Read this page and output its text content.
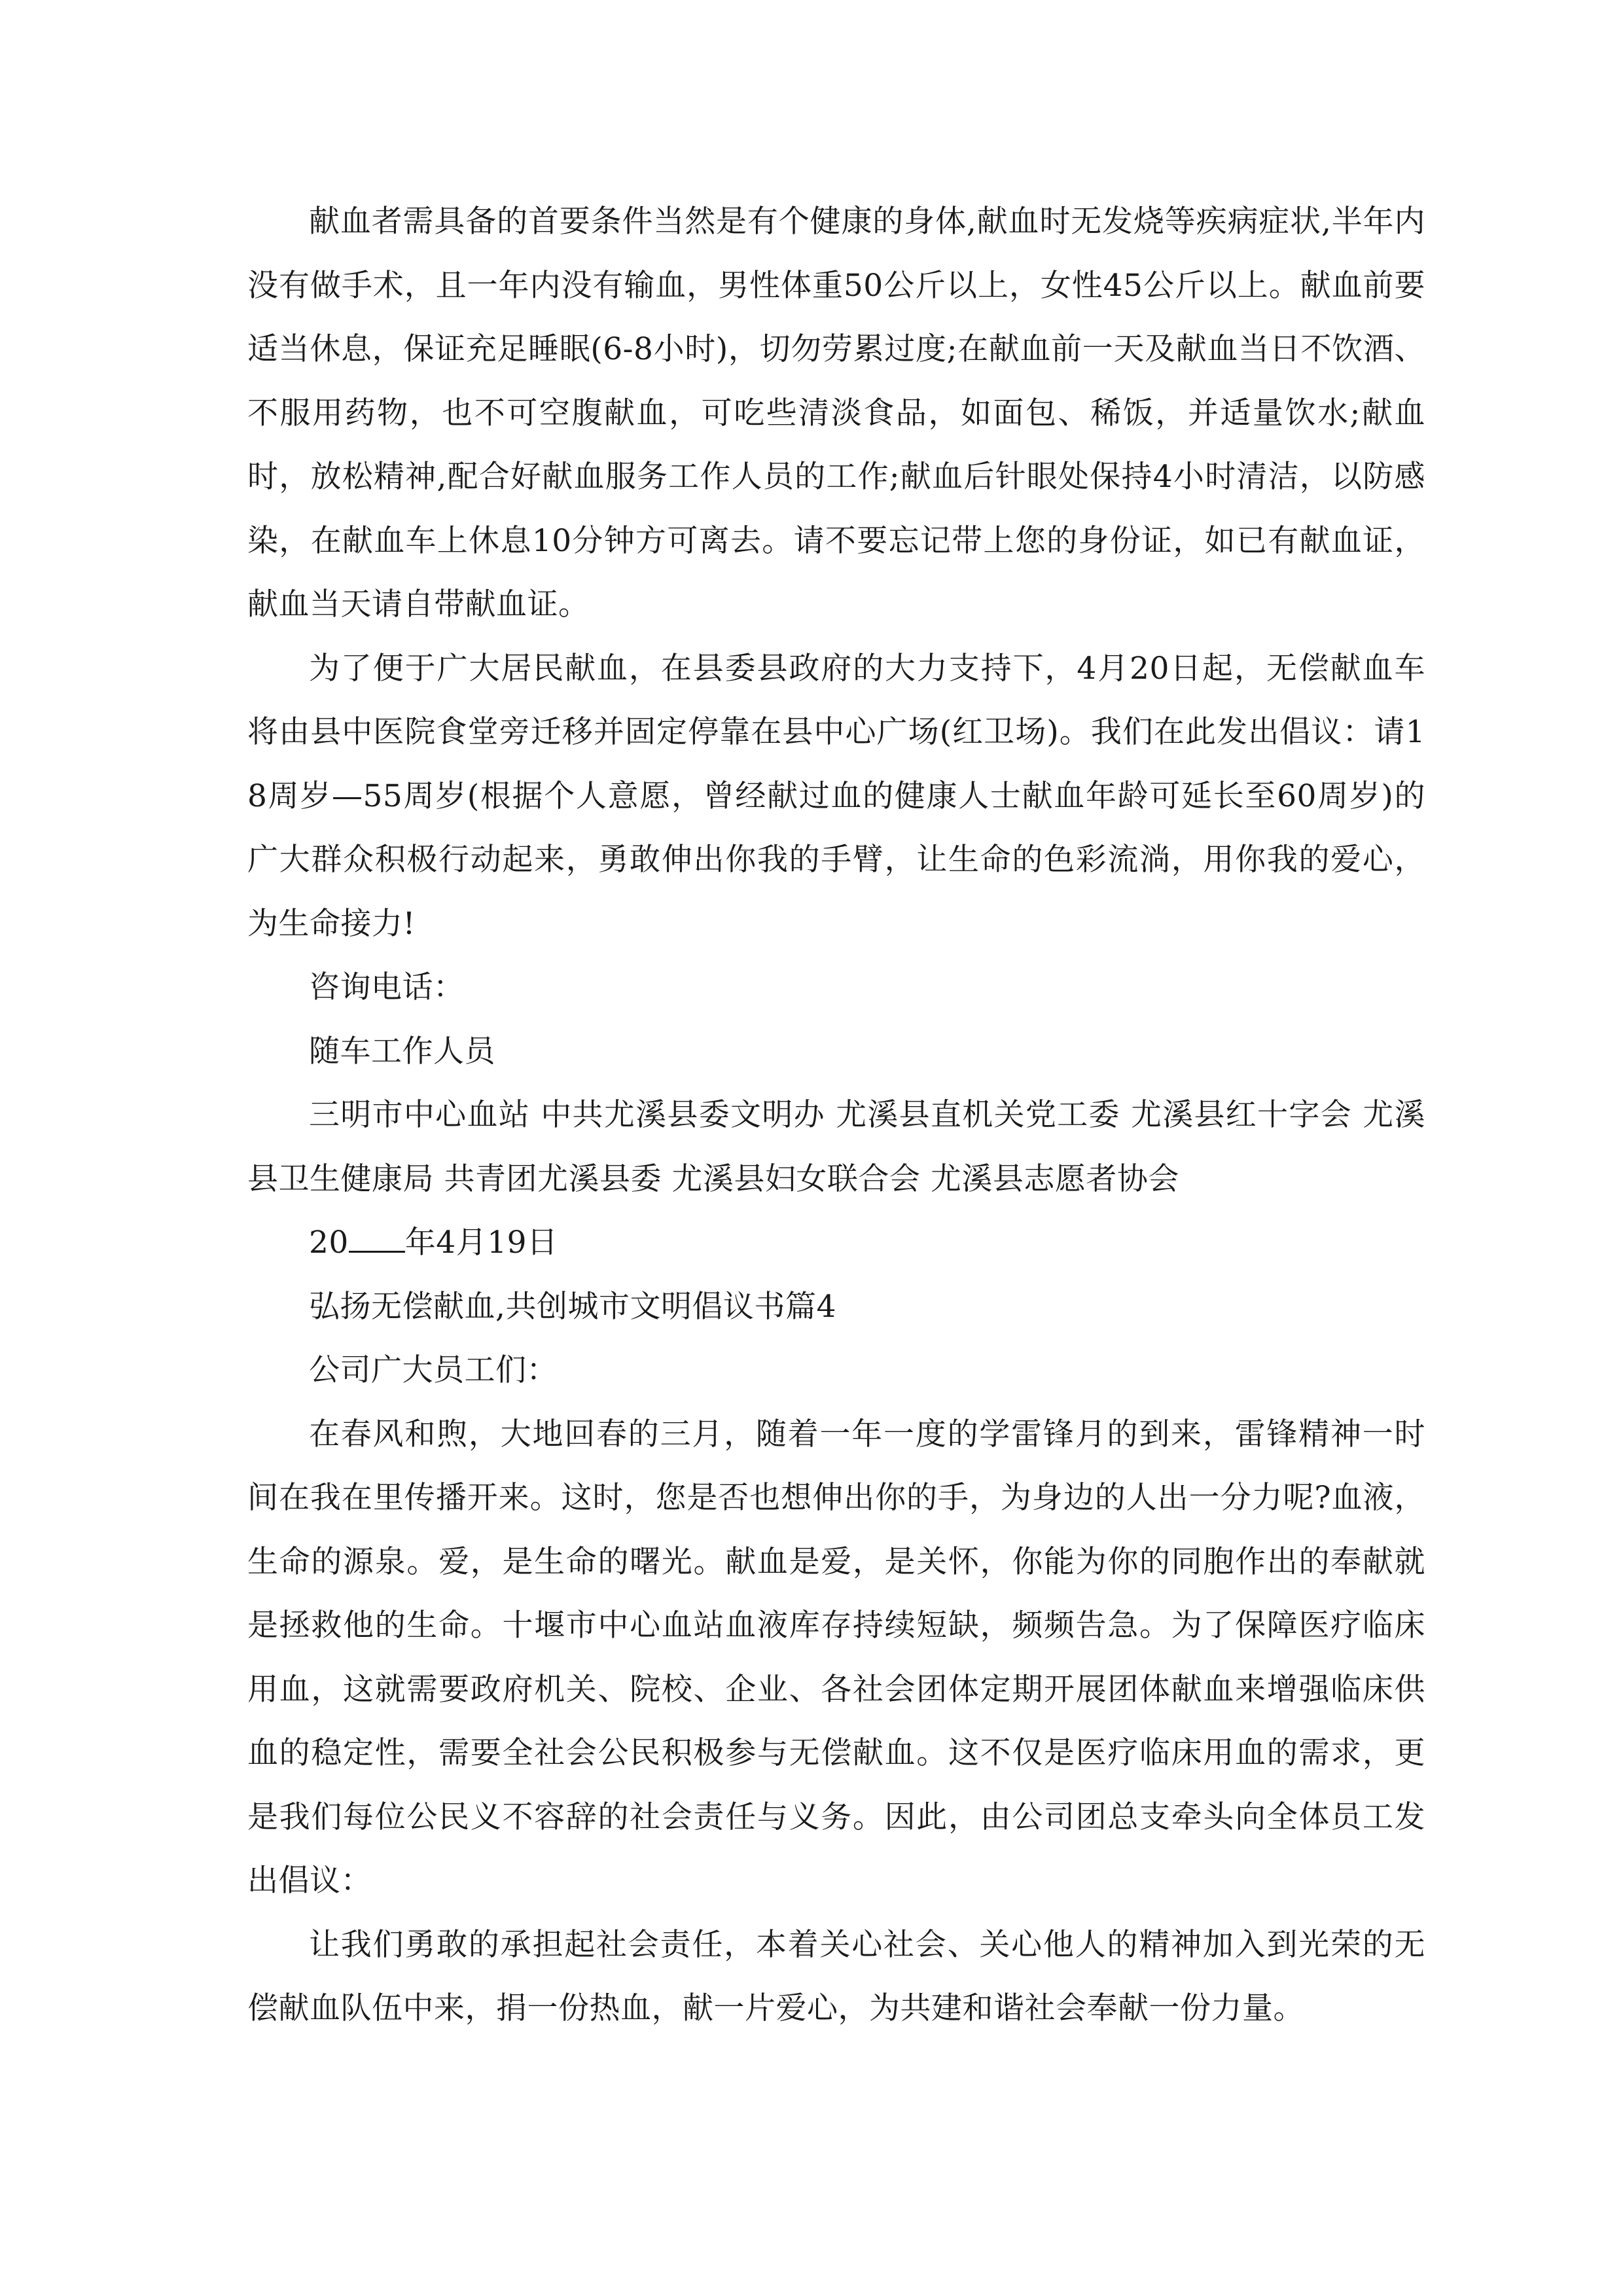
献血者需具备的首要条件当然是有个健康的身体,献血时无发烧等疾病症状,半年内没有做手术，且一年内没有输血，男性体重50公斤以上，女性45公斤以上。献血前要适当休息，保证充足睡眠(6-8小时)，切勿劳累过度;在献血前一天及献血当日不饮酒、不服用药物，也不可空腹献血，可吃些清淡食品，如面包、稀饭，并适量饮水;献血时，放松精神,配合好献血服务工作人员的工作;献血后针眼处保持4小时清洁，以防感染，在献血车上休息10分钟方可离去。请不要忘记带上您的身份证，如已有献血证，献血当天请自带献血证。

为了便于广大居民献血，在县委县政府的大力支持下，4月20日起，无偿献血车将由县中医院食堂旁迁移并固定停靠在县中心广场(红卫场)。我们在此发出倡议：请18周岁—55周岁(根据个人意愿，曾经献过血的健康人士献血年龄可延长至60周岁)的广大群众积极行动起来，勇敢伸出你我的手臂，让生命的色彩流淌，用你我的爱心，为生命接力!

咨询电话：

随车工作人员

三明市中心血站 中共尤溪县委文明办 尤溪县直机关党工委 尤溪县红十字会 尤溪县卫生健康局 共青团尤溪县委 尤溪县妇女联合会 尤溪县志愿者协会

20 年4月19日

弘扬无偿献血,共创城市文明倡议书篇4

公司广大员工们：

在春风和煦，大地回春的三月，随着一年一度的学雷锋月的到来，雷锋精神一时间在我在里传播开来。这时，您是否也想伸出你的手，为身边的人出一分力呢?血液，生命的源泉。爱，是生命的曙光。献血是爱，是关怀，你能为你的同胞作出的奉献就是拯救他的生命。十堰市中心血站血液库存持续短缺，频频告急。为了保障医疗临床用血，这就需要政府机关、院校、企业、各社会团体定期开展团体献血来增强临床供血的稳定性，需要全社会公民积极参与无偿献血。这不仅是医疗临床用血的需求，更是我们每位公民义不容辞的社会责任与义务。因此，由公司团总支牵头向全体员工发出倡议：

让我们勇敢的承担起社会责任，本着关心社会、关心他人的精神加入到光荣的无偿献血队伍中来，捐一份热血，献一片爱心，为共建和谐社会奉献一份力量。
